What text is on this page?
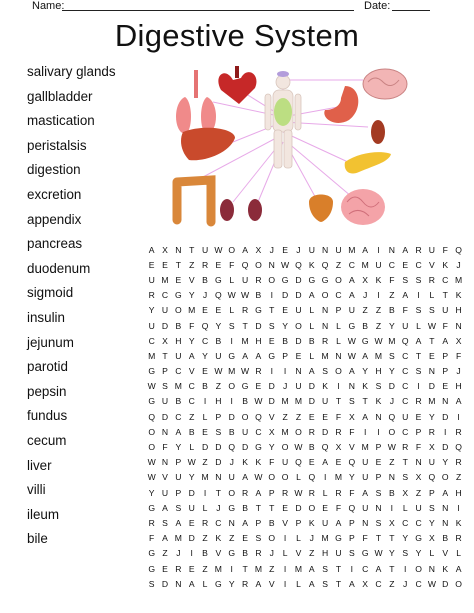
Name:	Date:
Digestive System
salivary glands
gallbladder
mastication
peristalsis
digestion
excretion
appendix
pancreas
duodenum
sigmoid
insulin
jejunum
parotid
pepsin
fundus
cecum
liver
villi
ileum
bile
A	X	N	T	U	W	O	A	X	J	E	J	U	N	U	M	A	I	N	A	R	U	F	Q
E	E	T	Z	R	E	F	Q	O	N	W	Q	K	Q	Z	C	M	U	C	E	C	V	K	J
U	M	E	V	B	G	L	U	R	O	G	D	G	G	O	A	X	K	F	S	S	R	C	M
R	C	G	Y	J	Q	W	W	B	I	D	D	A	O	C	A	J	I	Z	A	I	L	T	K
Y	U	O	M	E	E	L	R	G	T	E	U	L	N	P	U	Z	Z	B	F	S	S	U	H
U	D	B	F	Q	Y	S	T	D	S	Y	O	L	N	L	G	B	Z	Y	U	L	W	F	N
C	X	H	Y	C	B	I	M	H	E	B	D	B	R	L	W	G	W	M	Q	A	T	A	X
M	T	U	A	Y	U	G	A	A	G	P	E	L	M	N	W	A	M	S	C	T	E	P	F
G	P	C	V	E	W	M	W	R	I	I	N	A	S	O	A	Y	H	Y	C	S	N	P	J
W	S	M	C	B	Z	O	G	E	D	J	U	D	K	I	N	K	S	D	C	I	D	E	H
G	U	B	C	I	H	I	B	W	D	M	M	D	U	T	S	T	K	J	C	R	M	N	A
Q	D	C	Z	L	P	D	O	Q	V	Z	Z	E	E	F	X	A	N	Q	U	E	Y	D	I
O	N	A	B	E	S	B	U	C	X	M	O	R	D	R	F	I	I	O	C	P	R	I	R
O	F	Y	L	D	D	Q	D	G	Y	O	W	B	Q	X	V	M	P	W	R	F	X	D	Q
W	N	P	W	Z	D	J	K	K	F	U	Q	E	A	E	Q	U	E	Z	T	N	U	Y	R
W	V	U	Y	M	N	U	A	W	O	O	L	Q	I	M	Y	U	P	N	S	X	Q	O	Z
Y	U	P	D	I	T	O	R	A	P	R	W	R	L	R	F	A	S	B	X	Z	P	A	H
G	A	S	U	L	J	G	B	T	T	E	D	O	E	F	Q	U	N	I	L	U	S	N	I
R	S	A	E	R	C	N	A	P	B	V	P	K	U	A	P	N	S	X	C	C	Y	N	K
F	A	M	D	Z	K	Z	E	S	O	I	L	J	M	G	P	F	T	T	Y	G	X	B	R
G	Z	J	I	B	V	G	B	R	J	L	V	Z	H	U	S	G	W	Y	S	Y	L	V	L
G	E	R	E	Z	M	I	T	M	Z	I	M	A	S	T	I	C	A	T	I	O	N	K	A
S	D	N	A	L	G	Y	R	A	V	I	L	A	S	T	A	X	C	Z	J	C	W	D	O
